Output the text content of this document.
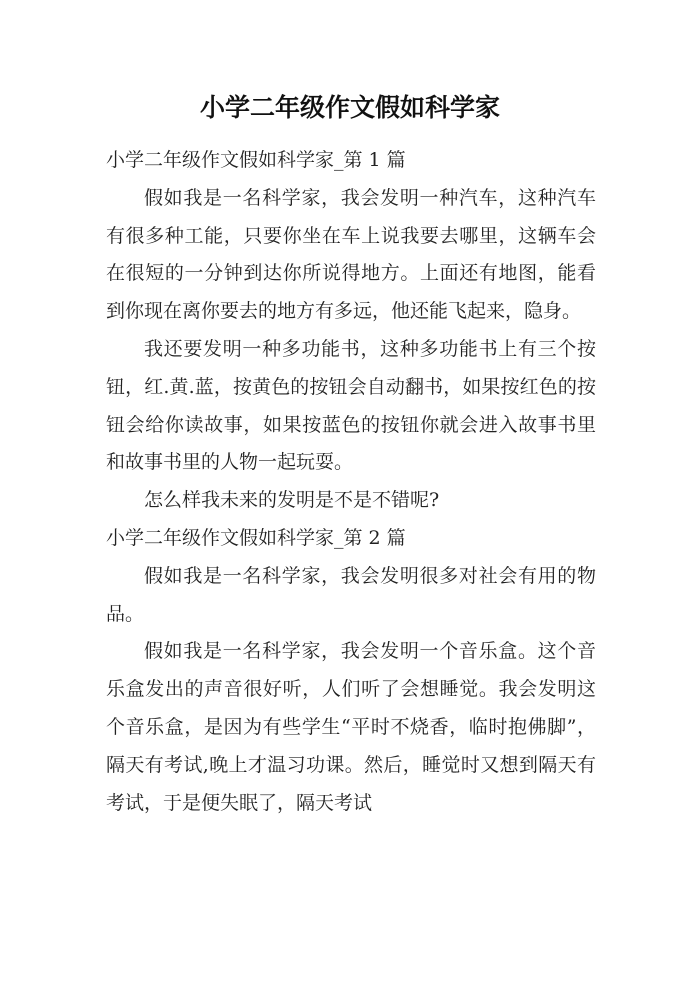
小学二年级作文假如科学家
小学二年级作文假如科学家_第 1 篇

假如我是一名科学家，我会发明一种汽车，这种汽车有很多种工能，只要你坐在车上说我要去哪里，这辆车会在很短的一分钟到达你所说得地方。上面还有地图，能看到你现在离你要去的地方有多远，他还能飞起来，隐身。

我还要发明一种多功能书，这种多功能书上有三个按钮，红.黄.蓝，按黄色的按钮会自动翻书，如果按红色的按钮会给你读故事，如果按蓝色的按钮你就会进入故事书里和故事书里的人物一起玩耍。

怎么样我未来的发明是不是不错呢?

小学二年级作文假如科学家_第 2 篇

假如我是一名科学家，我会发明很多对社会有用的物品。

假如我是一名科学家，我会发明一个音乐盒。这个音乐盒发出的声音很好听，人们听了会想睡觉。我会发明这个音乐盒，是因为有些学生“平时不烧香，临时抱佛脚”，隔天有考试,晚上才温习功课。然后，睡觉时又想到隔天有考试，于是便失眠了，隔天考试
